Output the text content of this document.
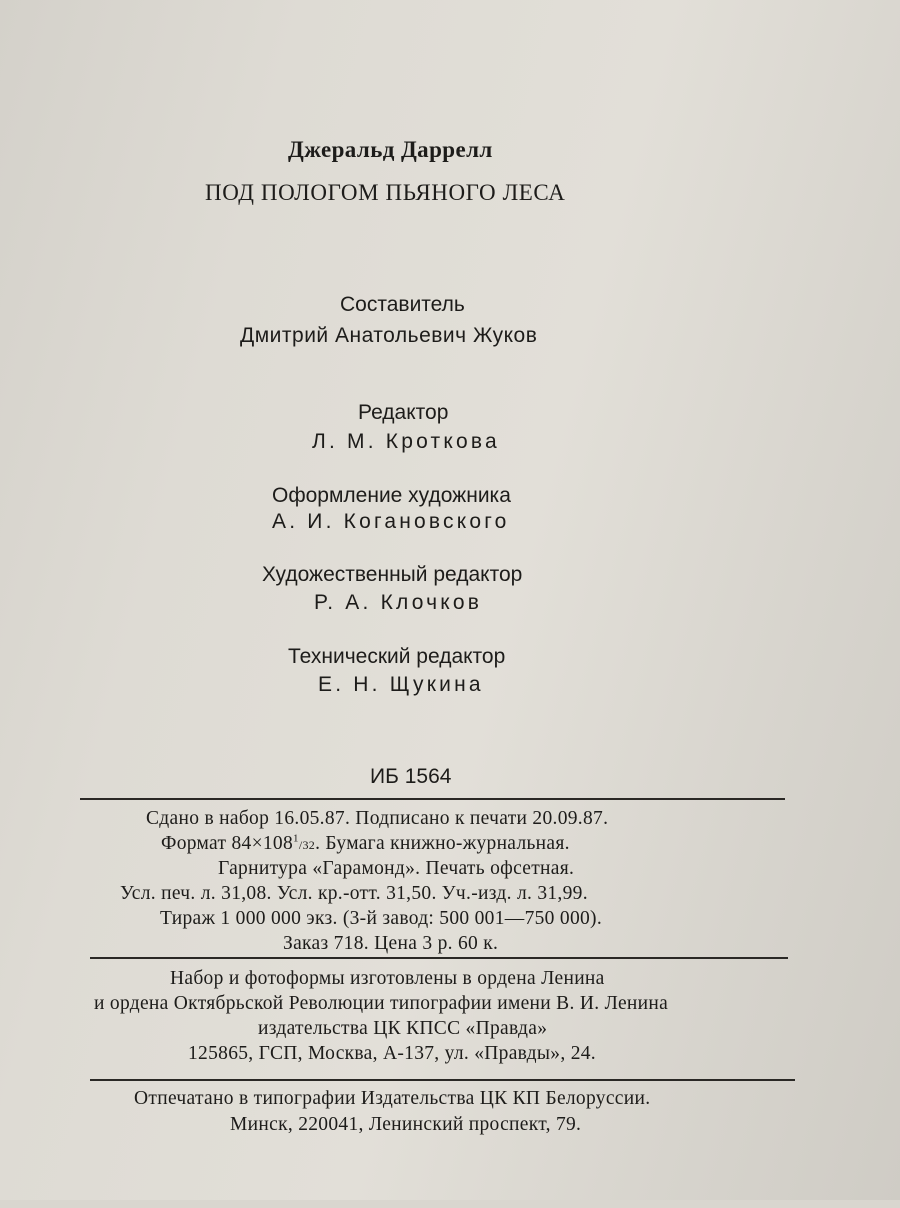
Джеральд Даррелл
ПОД ПОЛОГОМ ПЬЯНОГО ЛЕСА
Составитель
Дмитрий Анатольевич Жуков
Редактор
Л. М. Кроткова
Оформление художника
А. И. Когановского
Художественный редактор
Р. А. Клочков
Технический редактор
Е. Н. Щукина
ИБ 1564
Сдано в набор 16.05.87. Подписано к печати 20.09.87.
Формат $84\times 108^1/32$. Бумага книжно-журнальная.
Гарнитура «Гарамонд». Печать офсетная.
Усл. печ. л. 31,08. Усл. кр.-отт. 31,50. Уч.-изд. л. 31,99.
Тираж 1 000 000 экз. (3-й завод: 500 001—750 000).
Заказ 718. Цена 3 р. 60 к.
Набор и фотоформы изготовлены в ордена Ленина
и ордена Октябрьской Революции типографии имени В. И. Ленина
издательства ЦК КПСС «Правда»
125865, ГСП, Москва, А-137, ул. «Правды», 24.
Отпечатано в типографии Издательства ЦК КП Белоруссии.
Минск, 220041, Ленинский проспект, 79.
